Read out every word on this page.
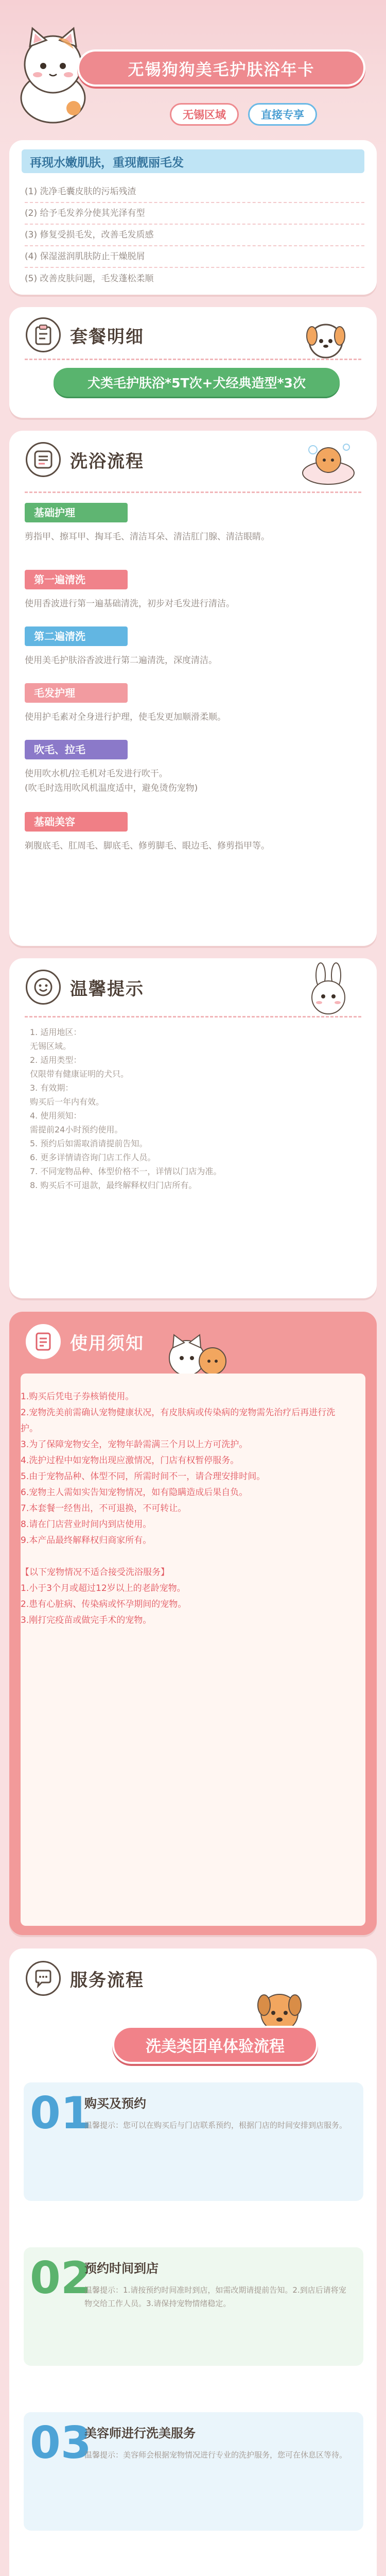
无锡狗狗美毛护肤浴年卡
无锡区域	直接专享
再现水嫩肌肤，重现靓丽毛发
(1) 洗净毛囊皮肤的污垢残渣
(2) 给予毛发养分使其光泽有型
(3) 修复受损毛发，改善毛发质感
(4) 保湿滋润肌肤防止干燥脱屑
(5) 改善皮肤问题，毛发蓬松柔顺
套餐明细
犬类毛护肤浴*5T次+犬经典造型*3次
洗浴流程
基础护理
剪指甲、擦耳甲、掏耳毛、清洁耳朵、清洁肛门腺、清洁眼睛。
第一遍清洗
使用香波进行第一遍基础清洗，初步对毛发进行清洁。
第二遍清洗
使用美毛护肤浴香波进行第二遍清洗，深度清洁。
毛发护理
使用护毛素对全身进行护理，使毛发更加顺滑柔顺。
吹毛、拉毛
使用吹水机/拉毛机对毛发进行吹干。
(吹毛时选用吹风机温度适中，避免烫伤宠物)
基础美容
剃腹底毛、肛周毛、脚底毛、修剪脚毛、眼边毛、修剪指甲等。
温馨提示
1. 适用地区：
无锡区域。
2. 适用类型：
仅限带有健康证明的犬只。
3. 有效期：
购买后一年内有效。
4. 使用须知：
需提前24小时预约使用。
5. 预约后如需取消请提前告知。
6. 更多详情请咨询门店工作人员。
7. 不同宠物品种、体型价格不一，详情以门店为准。
8. 购买后不可退款，最终解释权归门店所有。
使用须知
1.购买后凭电子券核销使用。
2.宠物洗美前需确认宠物健康状况，有皮肤病或传染病的宠物需先治疗后再进行洗护。
3.为了保障宠物安全，宠物年龄需满三个月以上方可洗护。
4.洗护过程中如宠物出现应激情况，门店有权暂停服务。
5.由于宠物品种、体型不同，所需时间不一，请合理安排时间。
6.宠物主人需如实告知宠物情况，如有隐瞒造成后果自负。
7.本套餐一经售出，不可退换，不可转让。
8.请在门店营业时间内到店使用。
9.本产品最终解释权归商家所有。

【以下宠物情况不适合接受洗浴服务】
1.小于3个月或超过12岁以上的老龄宠物。
2.患有心脏病、传染病或怀孕期间的宠物。
3.刚打完疫苗或做完手术的宠物。
服务流程
洗美类团单体验流程
01
购买及预约
温馨提示：您可以在购买后与门店联系预约，根据门店的时间安排到店服务。
02
预约时间到店
温馨提示：1.请按预约时间准时到店，如需改期请提前告知。2.到店后请将宠物交给工作人员。3.请保持宠物情绪稳定。
03
美容师进行洗美服务
温馨提示：美容师会根据宠物情况进行专业的洗护服务，您可在休息区等待。
